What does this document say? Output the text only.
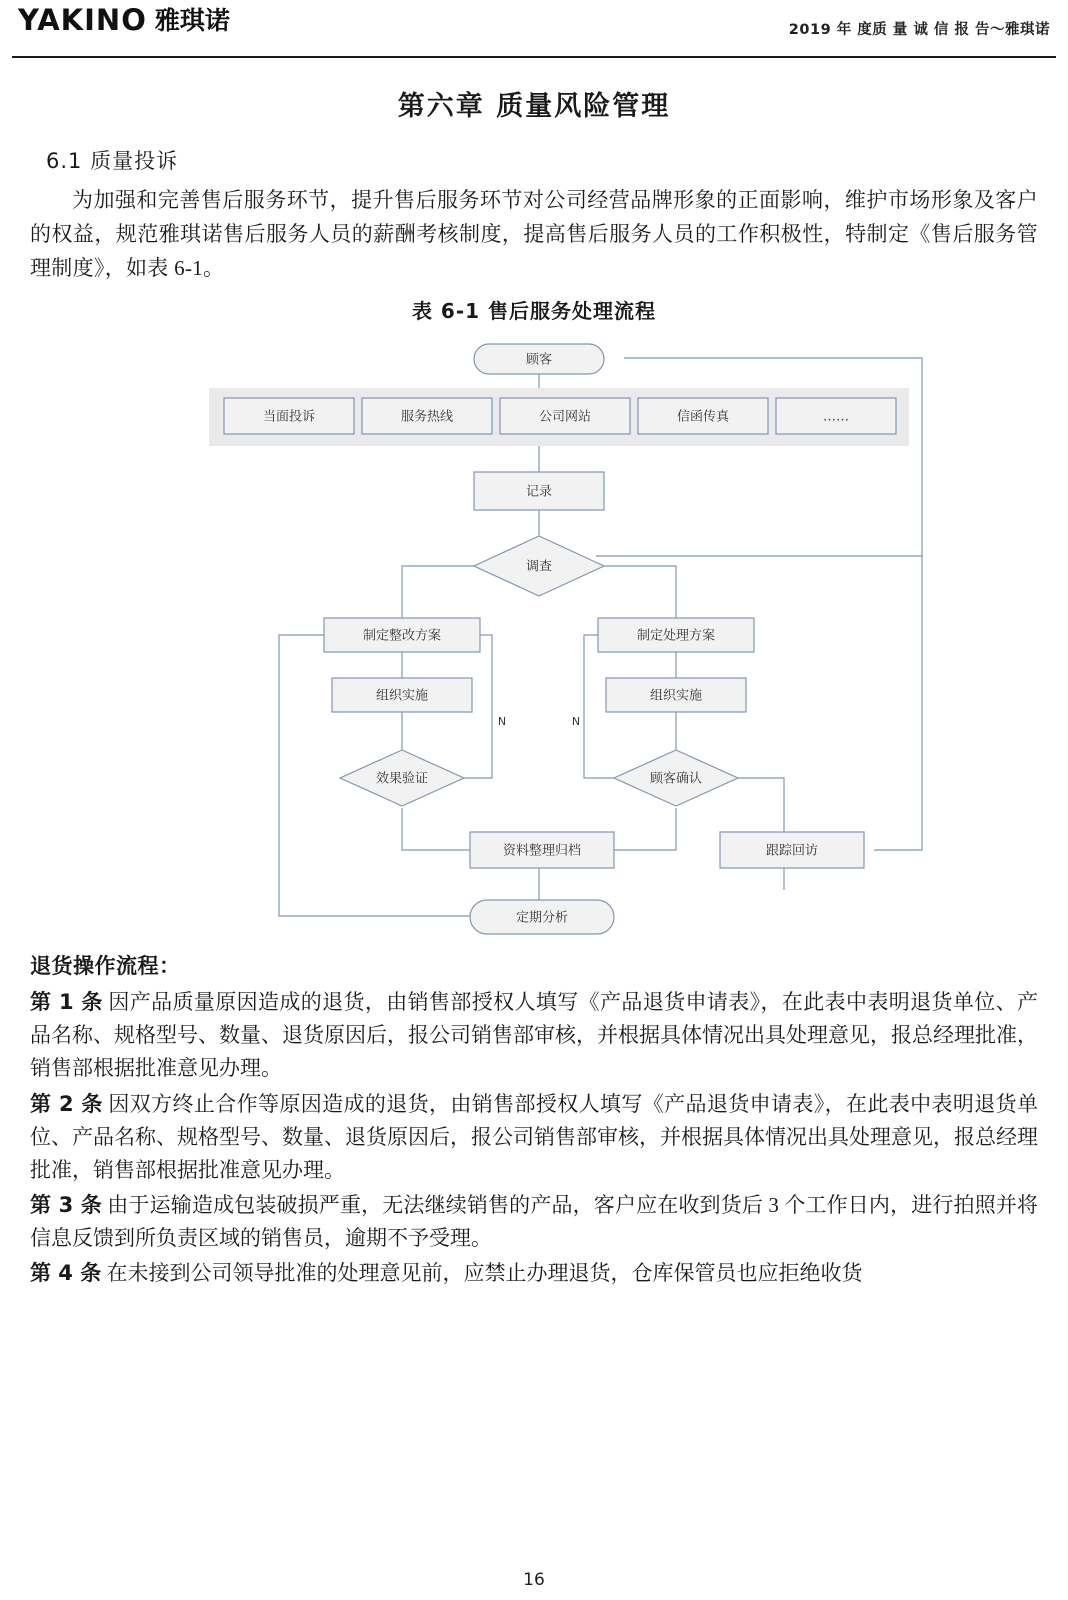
YAKINO 雅琪诺	2019 年 度质 量 诚 信 报 告～雅琪诺
第六章 质量风险管理
6.1 质量投诉

为加强和完善售后服务环节，提升售后服务环节对公司经营品牌形象的正面影响，维护市场形象及客户的权益，规范雅琪诺售后服务人员的薪酬考核制度，提高售后服务人员的工作积极性，特制定《售后服务管理制度》，如表 6-1。

表 6-1 售后服务处理流程
顾客
当面投诉	服务热线	公司网站	信函传真	……
记录
调查
制定整改方案
组织实施
效果验证
N
制定处理方案
组织实施
顾客确认
N
资料整理归档	跟踪回访
定期分析
退货操作流程：

第 1 条 因产品质量原因造成的退货，由销售部授权人填写《产品退货申请表》，在此表中表明退货单位、产品名称、规格型号、数量、退货原因后，报公司销售部审核，并根据具体情况出具处理意见，报总经理批准，销售部根据批准意见办理。

第 2 条 因双方终止合作等原因造成的退货，由销售部授权人填写《产品退货申请表》，在此表中表明退货单位、产品名称、规格型号、数量、退货原因后，报公司销售部审核，并根据具体情况出具处理意见，报总经理批准，销售部根据批准意见办理。

第 3 条 由于运输造成包装破损严重，无法继续销售的产品，客户应在收到货后 3 个工作日内，进行拍照并将信息反馈到所负责区域的销售员，逾期不予受理。

第 4 条 在未接到公司领导批准的处理意见前，应禁止办理退货，仓库保管员也应拒绝收货

16
